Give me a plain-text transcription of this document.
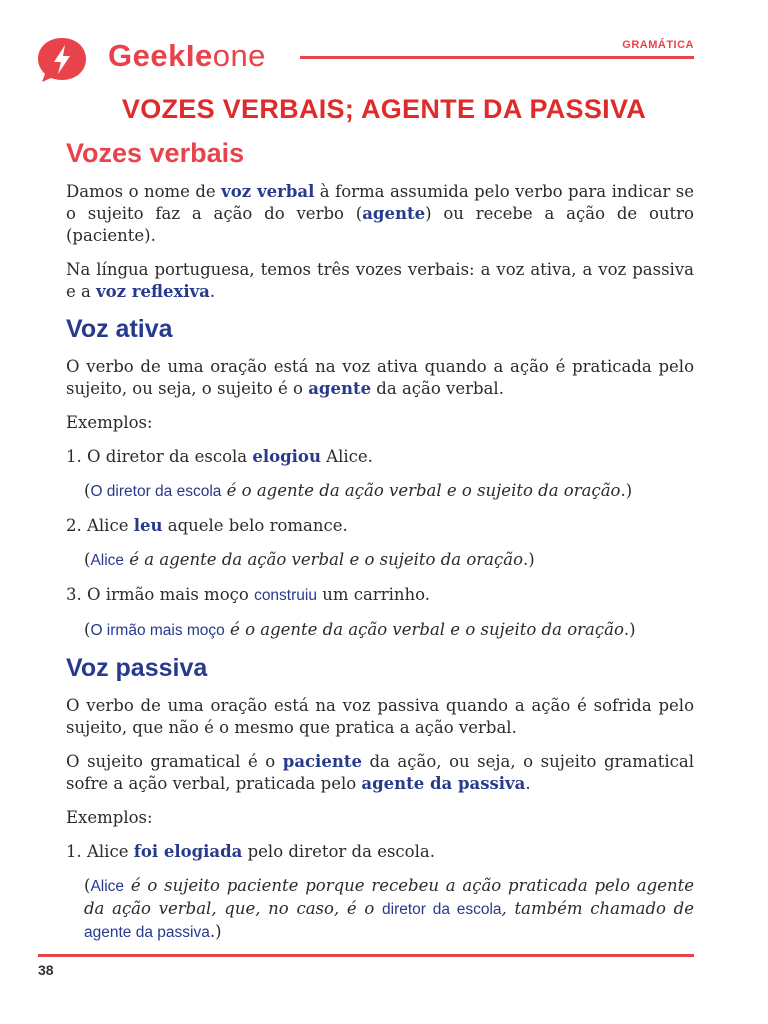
GeekIeone	GRAMÁTICA
VOZES VERBAIS; AGENTE DA PASSIVA
Vozes verbais

Damos o nome de voz verbal à forma assumida pelo verbo para indicar se o sujeito faz a ação do verbo (agente) ou recebe a ação de outro (paciente).

Na língua portuguesa, temos três vozes verbais: a voz ativa, a voz passiva e a voz reflexiva.

Voz ativa

O verbo de uma oração está na voz ativa quando a ação é praticada pelo sujeito, ou seja, o sujeito é o agente da ação verbal.

Exemplos:

1. O diretor da escola elogiou Alice.

(O diretor da escola é o agente da ação verbal e o sujeito da oração.)

2. Alice leu aquele belo romance.

(Alice é a agente da ação verbal e o sujeito da oração.)

3. O irmão mais moço construiu um carrinho.

(O irmão mais moço é o agente da ação verbal e o sujeito da oração.)

Voz passiva

O verbo de uma oração está na voz passiva quando a ação é sofrida pelo sujeito, que não é o mesmo que pratica a ação verbal.

O sujeito gramatical é o paciente da ação, ou seja, o sujeito gramatical sofre a ação verbal, praticada pelo agente da passiva.

Exemplos:

1. Alice foi elogiada pelo diretor da escola.

(Alice é o sujeito paciente porque recebeu a ação praticada pelo agente da ação verbal, que, no caso, é o diretor da escola, também chamado de agente da passiva.)

38
